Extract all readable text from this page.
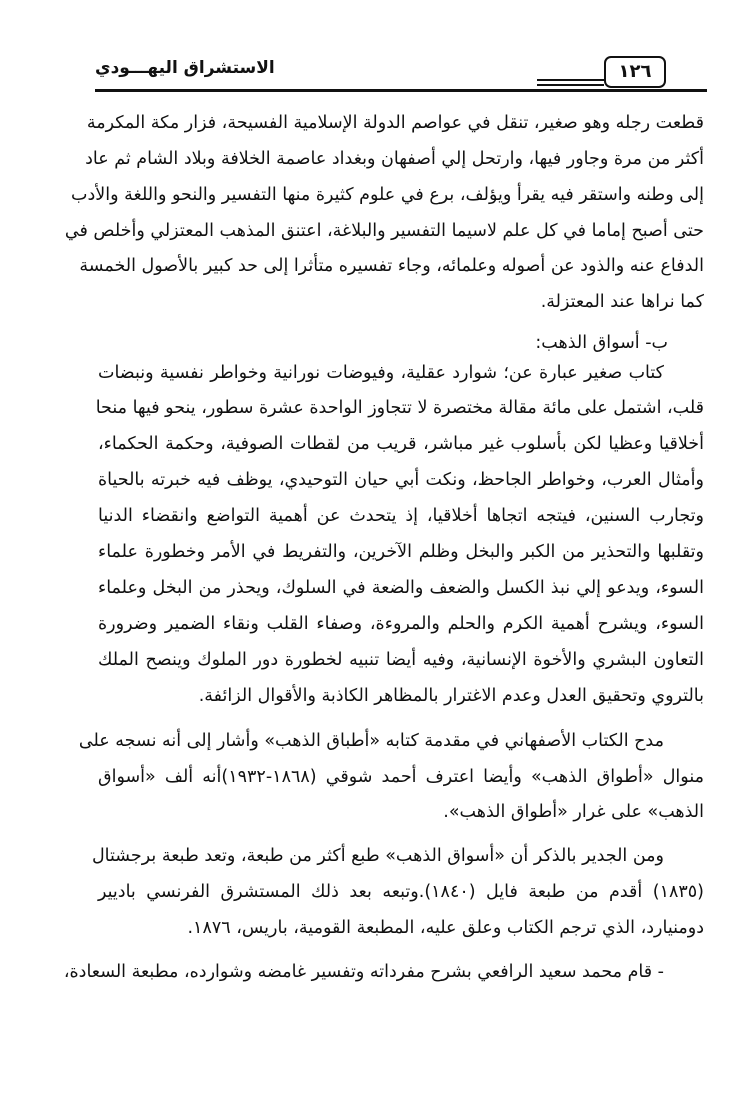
الاستشراق اليهـــودي	١٢٦
قطعت رجله وهو صغير، تنقل في عواصم الدولة الإسلامية الفسيحة، فزار مكة المكرمة
أكثر من مرة وجاور فيها، وارتحل إلي أصفهان وبغداد عاصمة الخلافة وبلاد الشام ثم عاد
إلى وطنه واستقر فيه يقرأ ويؤلف، برع في علوم كثيرة منها التفسير والنحو واللغة والأدب
حتى أصبح إماما في كل علم لاسيما التفسير والبلاغة، اعتنق المذهب المعتزلي وأخلص في
الدفاع عنه والذود عن أصوله وعلمائه، وجاء تفسيره متأثرا إلى حد كبير بالأصول الخمسة
كما نراها عند المعتزلة.
ب- أسواق الذهب:
كتاب صغير عبارة عن؛ شوارد عقلية، وفيوضات نورانية وخواطر نفسية ونبضات
قلب، اشتمل على مائة مقالة مختصرة لا تتجاوز الواحدة عشرة سطور، ينحو فيها منحا
أخلاقيا وعظيا لكن بأسلوب غير مباشر، قريب من لقطات الصوفية، وحكمة الحكماء،
وأمثال العرب، وخواطر الجاحظ، ونكت أبي حيان التوحيدي، يوظف فيه خبرته بالحياة
وتجارب السنين، فيتجه اتجاها أخلاقيا، إذ يتحدث عن أهمية التواضع وانقضاء الدنيا
وتقلبها والتحذير من الكبر والبخل وظلم الآخرين، والتفريط في الأمر وخطورة علماء
السوء، ويدعو إلي نبذ الكسل والضعف والضعة في السلوك، ويحذر من البخل وعلماء
السوء، ويشرح أهمية الكرم والحلم والمروءة، وصفاء القلب ونقاء الضمير وضرورة
التعاون البشري والأخوة الإنسانية، وفيه أيضا تنبيه لخطورة دور الملوك وينصح الملك
بالتروي وتحقيق العدل وعدم الاغترار بالمظاهر الكاذبة والأقوال الزائفة.
مدح الكتاب الأصفهاني في مقدمة كتابه «أطباق الذهب» وأشار إلى أنه نسجه على
منوال «أطواق الذهب» وأيضا اعترف أحمد شوقي (١٨٦٨-١٩٣٢)أنه ألف «أسواق
الذهب» على غرار «أطواق الذهب».
ومن الجدير بالذكر أن «أسواق الذهب» طبع أكثر من طبعة، وتعد طبعة برجشتال
(١٨٣٥) أقدم من طبعة فايل (١٨٤٠).وتبعه بعد ذلك المستشرق الفرنسي باديير
دومنيارد، الذي ترجم الكتاب وعلق عليه، المطبعة القومية، باريس، ١٨٧٦.
- قام محمد سعيد الرافعي بشرح مفرداته وتفسير غامضه وشوارده، مطبعة السعادة،
